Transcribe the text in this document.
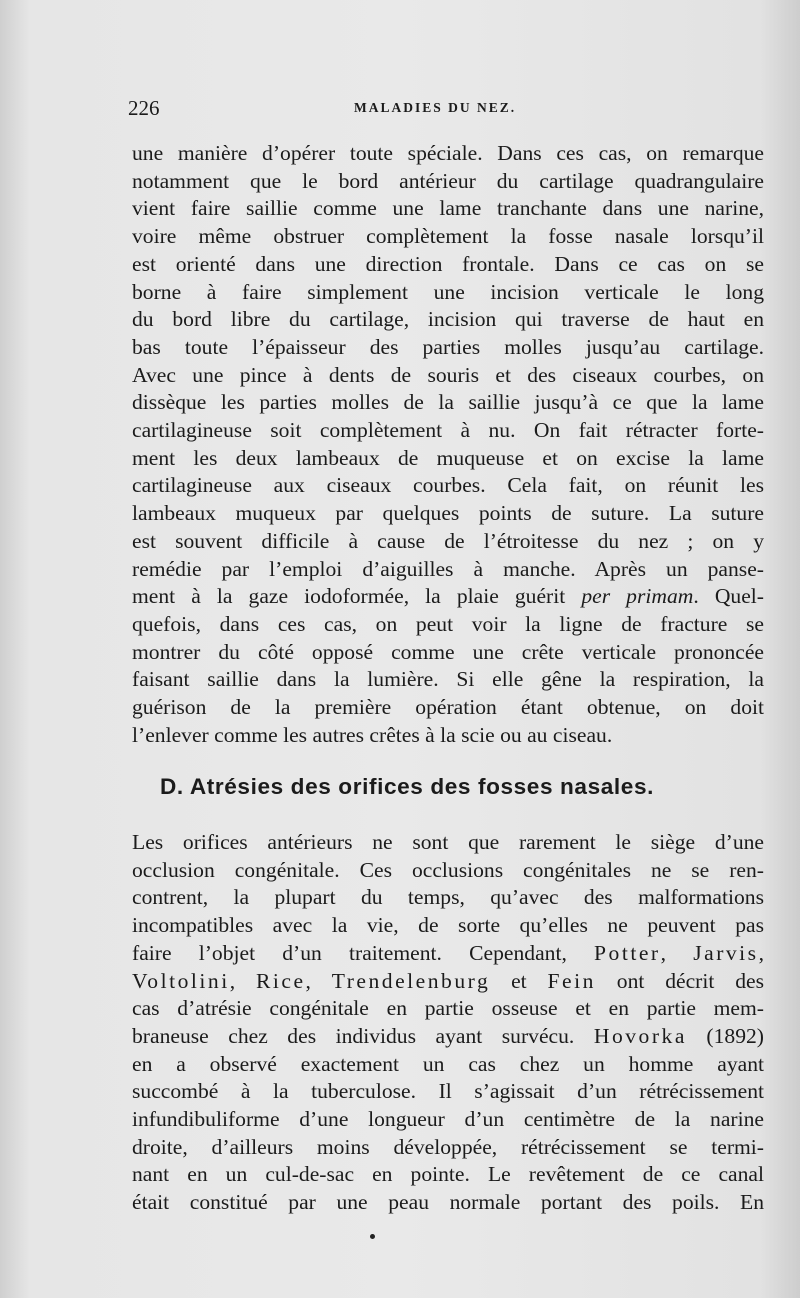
226	MALADIES DU NEZ.
une manière d’opérer toute spéciale. Dans ces cas, on remarque
notamment que le bord antérieur du cartilage quadrangulaire
vient faire saillie comme une lame tranchante dans une narine,
voire même obstruer complètement la fosse nasale lorsqu’il
est orienté dans une direction frontale. Dans ce cas on se
borne à faire simplement une incision verticale le long
du bord libre du cartilage, incision qui traverse de haut en
bas toute l’épaisseur des parties molles jusqu’au cartilage.
Avec une pince à dents de souris et des ciseaux courbes, on
dissèque les parties molles de la saillie jusqu’à ce que la lame
cartilagineuse soit complètement à nu. On fait rétracter forte-
ment les deux lambeaux de muqueuse et on excise la lame
cartilagineuse aux ciseaux courbes. Cela fait, on réunit les
lambeaux muqueux par quelques points de suture. La suture
est souvent difficile à cause de l’étroitesse du nez ; on y
remédie par l’emploi d’aiguilles à manche. Après un panse-
ment à la gaze iodoformée, la plaie guérit per primam. Quel-
quefois, dans ces cas, on peut voir la ligne de fracture se
montrer du côté opposé comme une crête verticale prononcée
faisant saillie dans la lumière. Si elle gêne la respiration, la
guérison de la première opération étant obtenue, on doit
l’enlever comme les autres crêtes à la scie ou au ciseau.
D. Atrésies des orifices des fosses nasales.
Les orifices antérieurs ne sont que rarement le siège d’une
occlusion congénitale. Ces occlusions congénitales ne se ren-
contrent, la plupart du temps, qu’avec des malformations
incompatibles avec la vie, de sorte qu’elles ne peuvent pas
faire l’objet d’un traitement. Cependant, Potter, Jarvis,
Voltolini, Rice, Trendelenburg et Fein ont décrit des
cas d’atrésie congénitale en partie osseuse et en partie mem-
braneuse chez des individus ayant survécu. Hovorka (1892)
en a observé exactement un cas chez un homme ayant
succombé à la tuberculose. Il s’agissait d’un rétrécissement
infundibuliforme d’une longueur d’un centimètre de la narine
droite, d’ailleurs moins développée, rétrécissement se termi-
nant en un cul-de-sac en pointe. Le revêtement de ce canal
était constitué par une peau normale portant des poils. En
